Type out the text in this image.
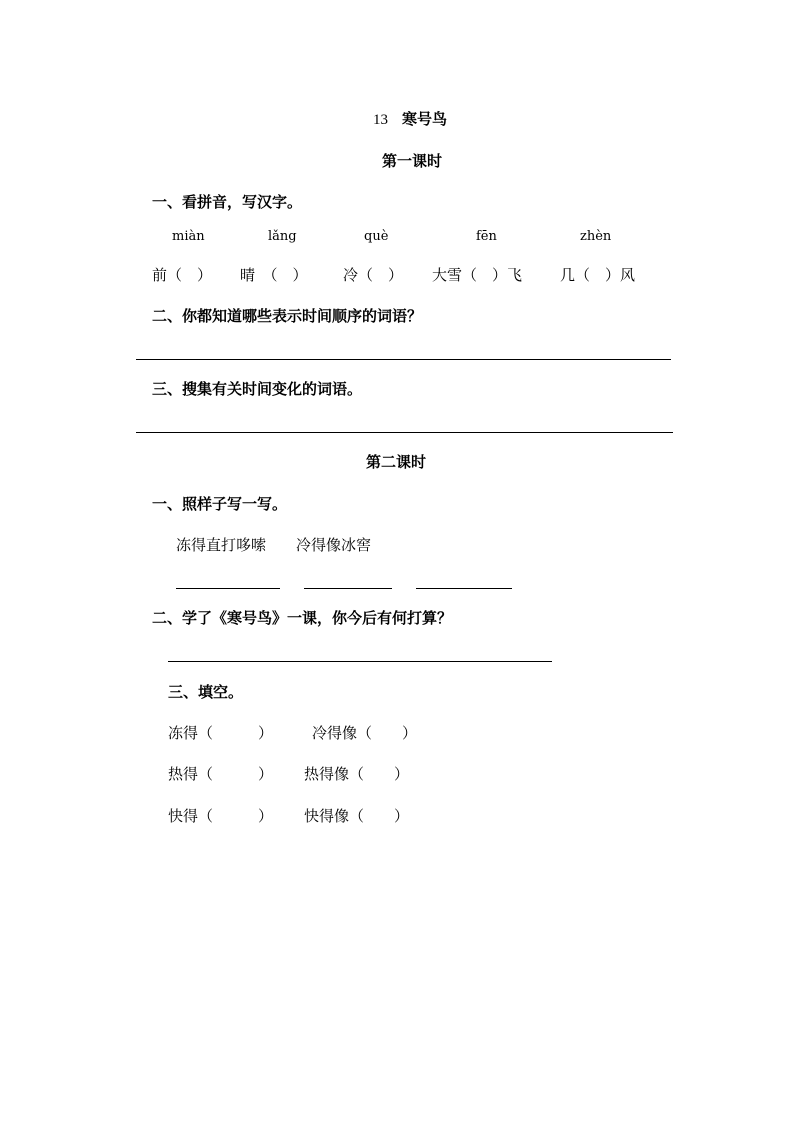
13 寒号鸟
第一课时
一、看拼音，写汉字。
miàn	lǎng	què	fēn	zhèn
前（　） 晴　（　） 冷（　） 大雪（　）飞	几（　）风
二、你都知道哪些表示时间顺序的词语？
三、搜集有关时间变化的词语。
第二课时
一、照样子写一写。
冻得直打哆嗦 冷得像冰窖
二、学了《寒号鸟》一课，你今后有何打算？
三、填空。
冻得（　　　）	冷得像（　　）
热得（　　　） 热得像（　　）
快得（　　　） 快得像（　　）
